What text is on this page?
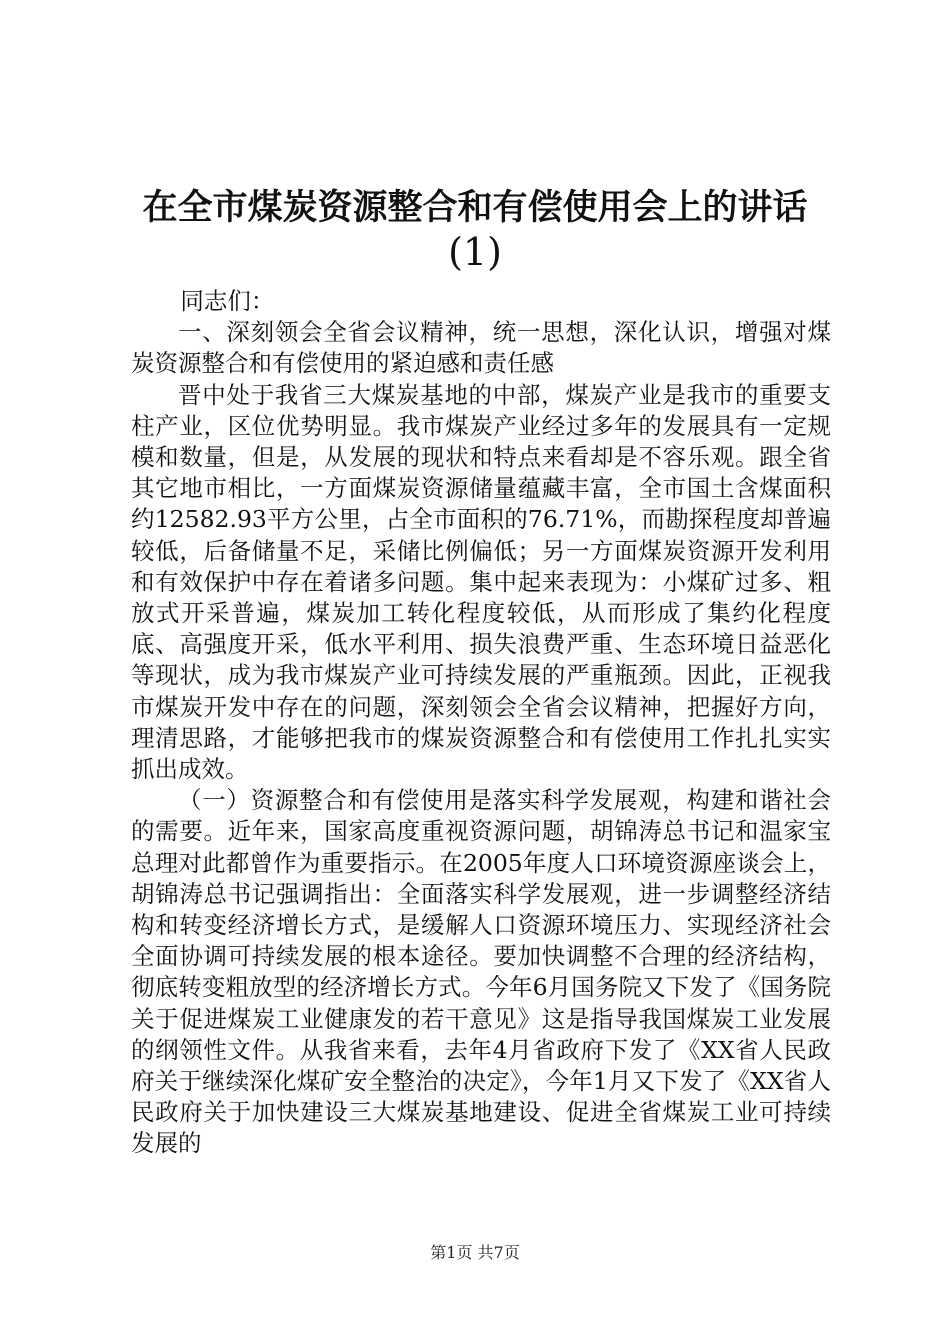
在全市煤炭资源整合和有偿使用会上的讲话
(1)

同志们：

一、深刻领会全省会议精神，统一思想，深化认识，增强对煤炭资源整合和有偿使用的紧迫感和责任感

晋中处于我省三大煤炭基地的中部，煤炭产业是我市的重要支柱产业，区位优势明显。我市煤炭产业经过多年的发展具有一定规模和数量，但是，从发展的现状和特点来看却是不容乐观。跟全省其它地市相比，一方面煤炭资源储量蕴藏丰富，全市国土含煤面积约12582.93平方公里，占全市面积的76.71%，而勘探程度却普遍较低，后备储量不足，采储比例偏低；另一方面煤炭资源开发利用和有效保护中存在着诸多问题。集中起来表现为：小煤矿过多、粗放式开采普遍，煤炭加工转化程度较低，从而形成了集约化程度底、高强度开采，低水平利用、损失浪费严重、生态环境日益恶化等现状，成为我市煤炭产业可持续发展的严重瓶颈。因此，正视我市煤炭开发中存在的问题，深刻领会全省会议精神，把握好方向，理清思路，才能够把我市的煤炭资源整合和有偿使用工作扎扎实实抓出成效。

（一）资源整合和有偿使用是落实科学发展观，构建和谐社会的需要。近年来，国家高度重视资源问题，胡锦涛总书记和温家宝总理对此都曾作为重要指示。在2005年度人口环境资源座谈会上，胡锦涛总书记强调指出：全面落实科学发展观，进一步调整经济结构和转变经济增长方式，是缓解人口资源环境压力、实现经济社会全面协调可持续发展的根本途径。要加快调整不合理的经济结构，彻底转变粗放型的经济增长方式。今年6月国务院又下发了《国务院关于促进煤炭工业健康发的若干意见》这是指导我国煤炭工业发展的纲领性文件。从我省来看，去年4月省政府下发了《XX省人民政府关于继续深化煤矿安全整治的决定》，今年1月又下发了《XX省人民政府关于加快建设三大煤炭基地建设、促进全省煤炭工业可持续发展的

第1页 共7页
